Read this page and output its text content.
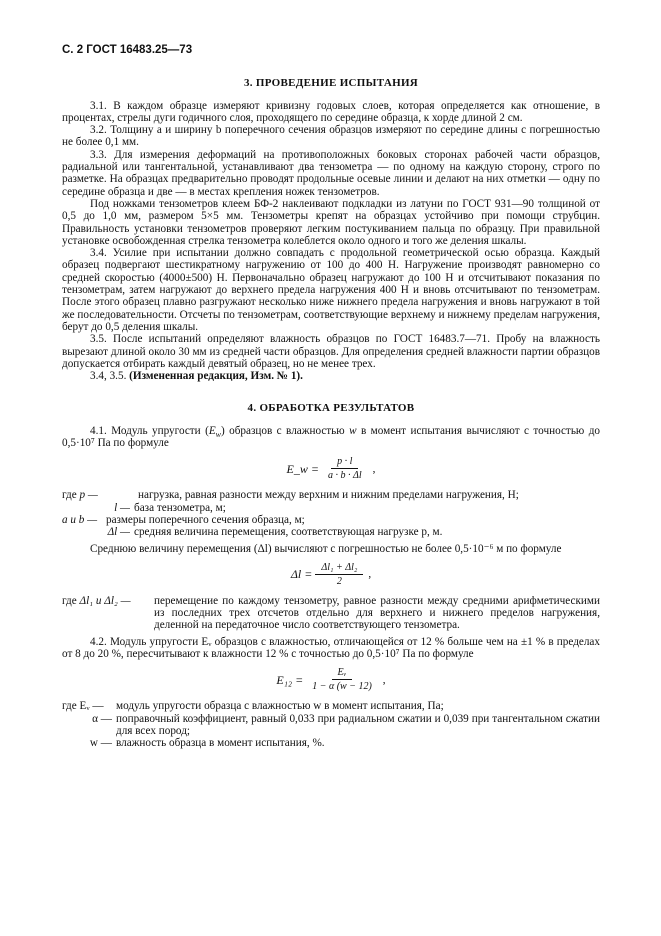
С. 2 ГОСТ 16483.25—73
3. ПРОВЕДЕНИЕ ИСПЫТАНИЯ

3.1. В каждом образце измеряют кривизну годовых слоев, которая определяется как отношение, в процентах, стрелы дуги годичного слоя, проходящего по середине образца, к хорде длиной 2 см.

3.2. Толщину а и ширину b поперечного сечения образцов измеряют по середине длины с погрешностью не более 0,1 мм.

3.3. Для измерения деформаций на противоположных боковых сторонах рабочей части образцов, радиальной или тангентальной, устанавливают два тензометра — по одному на каждую сторону, строго по разметке. На образцах предварительно проводят продольные осевые линии и делают на них отметки — одну по середине образца и две — в местах крепления ножек тензометров.

Под ножками тензометров клеем БФ-2 наклеивают подкладки из латуни по ГОСТ 931—90 толщиной от 0,5 до 1,0 мм, размером 5×5 мм. Тензометры крепят на образцах устойчиво при помощи струбцин. Правильность установки тензометров проверяют легким постукиванием пальца по образцу. При правильной установке освобожденная стрелка тензометра колеблется около одного и того же деления шкалы.

3.4. Усилие при испытании должно совпадать с продольной геометрической осью образца. Каждый образец подвергают шестикратному нагружению от 100 до 400 Н. Нагружение производят равномерно со средней скоростью (4000±500) Н. Первоначально образец нагружают до 100 Н и отсчитывают показания по тензометрам, затем нагружают до верхнего предела нагружения 400 Н и вновь отсчитывают по тензометрам. После этого образец плавно разгружают несколько ниже нижнего предела нагружения и вновь нагружают в той же последовательности. Отсчеты по тензометрам, соответствующие верхнему и нижнему пределам нагружения, берут до 0,5 деления шкалы.

3.5. После испытаний определяют влажность образцов по ГОСТ 16483.7—71. Пробу на влажность вырезают длиной около 30 мм из средней части образцов. Для определения средней влажности партии образцов допускается отбирать каждый девятый образец, но не менее трех.

3.4, 3.5. (Измененная редакция, Изм. № 1).

4. ОБРАБОТКА РЕЗУЛЬТАТОВ

4.1. Модуль упругости $(E_w)$ образцов с влажностью w в момент испытания вычисляют с точностью до 0,5·10⁷ Па по формуле

E_w = $\frac{p \cdot l}{a \cdot b \cdot \Delta l}$ ,
где p —	нагрузка, равная разности между верхним и нижним пределами нагружения, Н;
l — база тензометра, м;
a и b — размеры поперечного сечения образца, м;
Δl — средняя величина перемещения, соответствующая нагрузке p, м.

Среднюю величину перемещения (Δl) вычисляют с погрешностью не более 0,5·10⁻⁶ м по формуле

$\Delta l = \frac{\text{Δl₁ + Δl₂}}{2}$ ,
где Δl₁ и Δl₂ —	перемещение по каждому тензометру, равное разности между средними арифметическими из последних трех отсчетов отдельно для верхнего и нижнего пределов нагружения, деленной на передаточное число соответствующего тензометра.

4.2. Модуль упругости Eᵥ образцов с влажностью, отличающейся от 12 % больше чем на ±1 % в пределах от 8 до 20 %, пересчитывают к влажности 12 % с точностью до 0,5·10⁷ Па по формуле

$E_{12} = \frac{\text{Eᵥ}}{1 - \alpha (w - 12)}$ ,
где Eᵥ —	модуль упругости образца с влажностью w в момент испытания, Па;
α — поправочный коэффициент, равный 0,033 при радиальном сжатии и 0,039 при тангентальном сжатии для всех пород;
w — влажность образца в момент испытания, %.
